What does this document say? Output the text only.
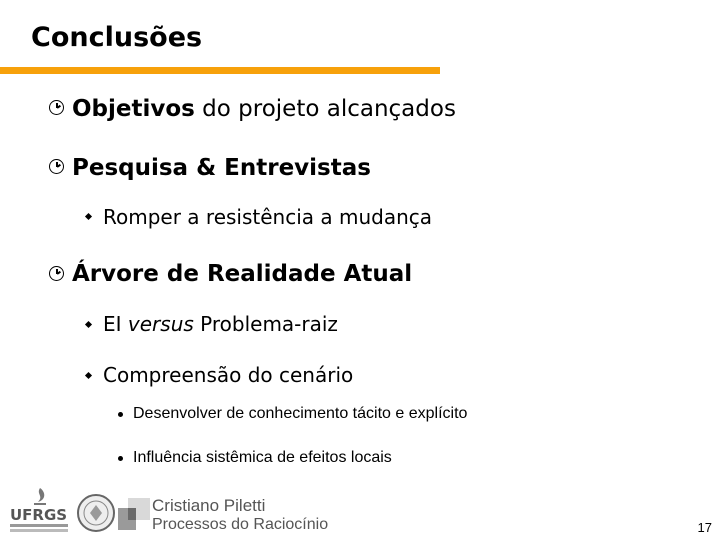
Conclusões
Objetivos do projeto alcançados
Pesquisa & Entrevistas
Romper a resistência a mudança
Árvore de Realidade Atual
EI versus Problema-raiz
Compreensão do cenário
Desenvolver de conhecimento tácito e explícito
Influência sistêmica de efeitos locais
UFRGS	Cristiano Piletti
Processos do Raciocínio	17
